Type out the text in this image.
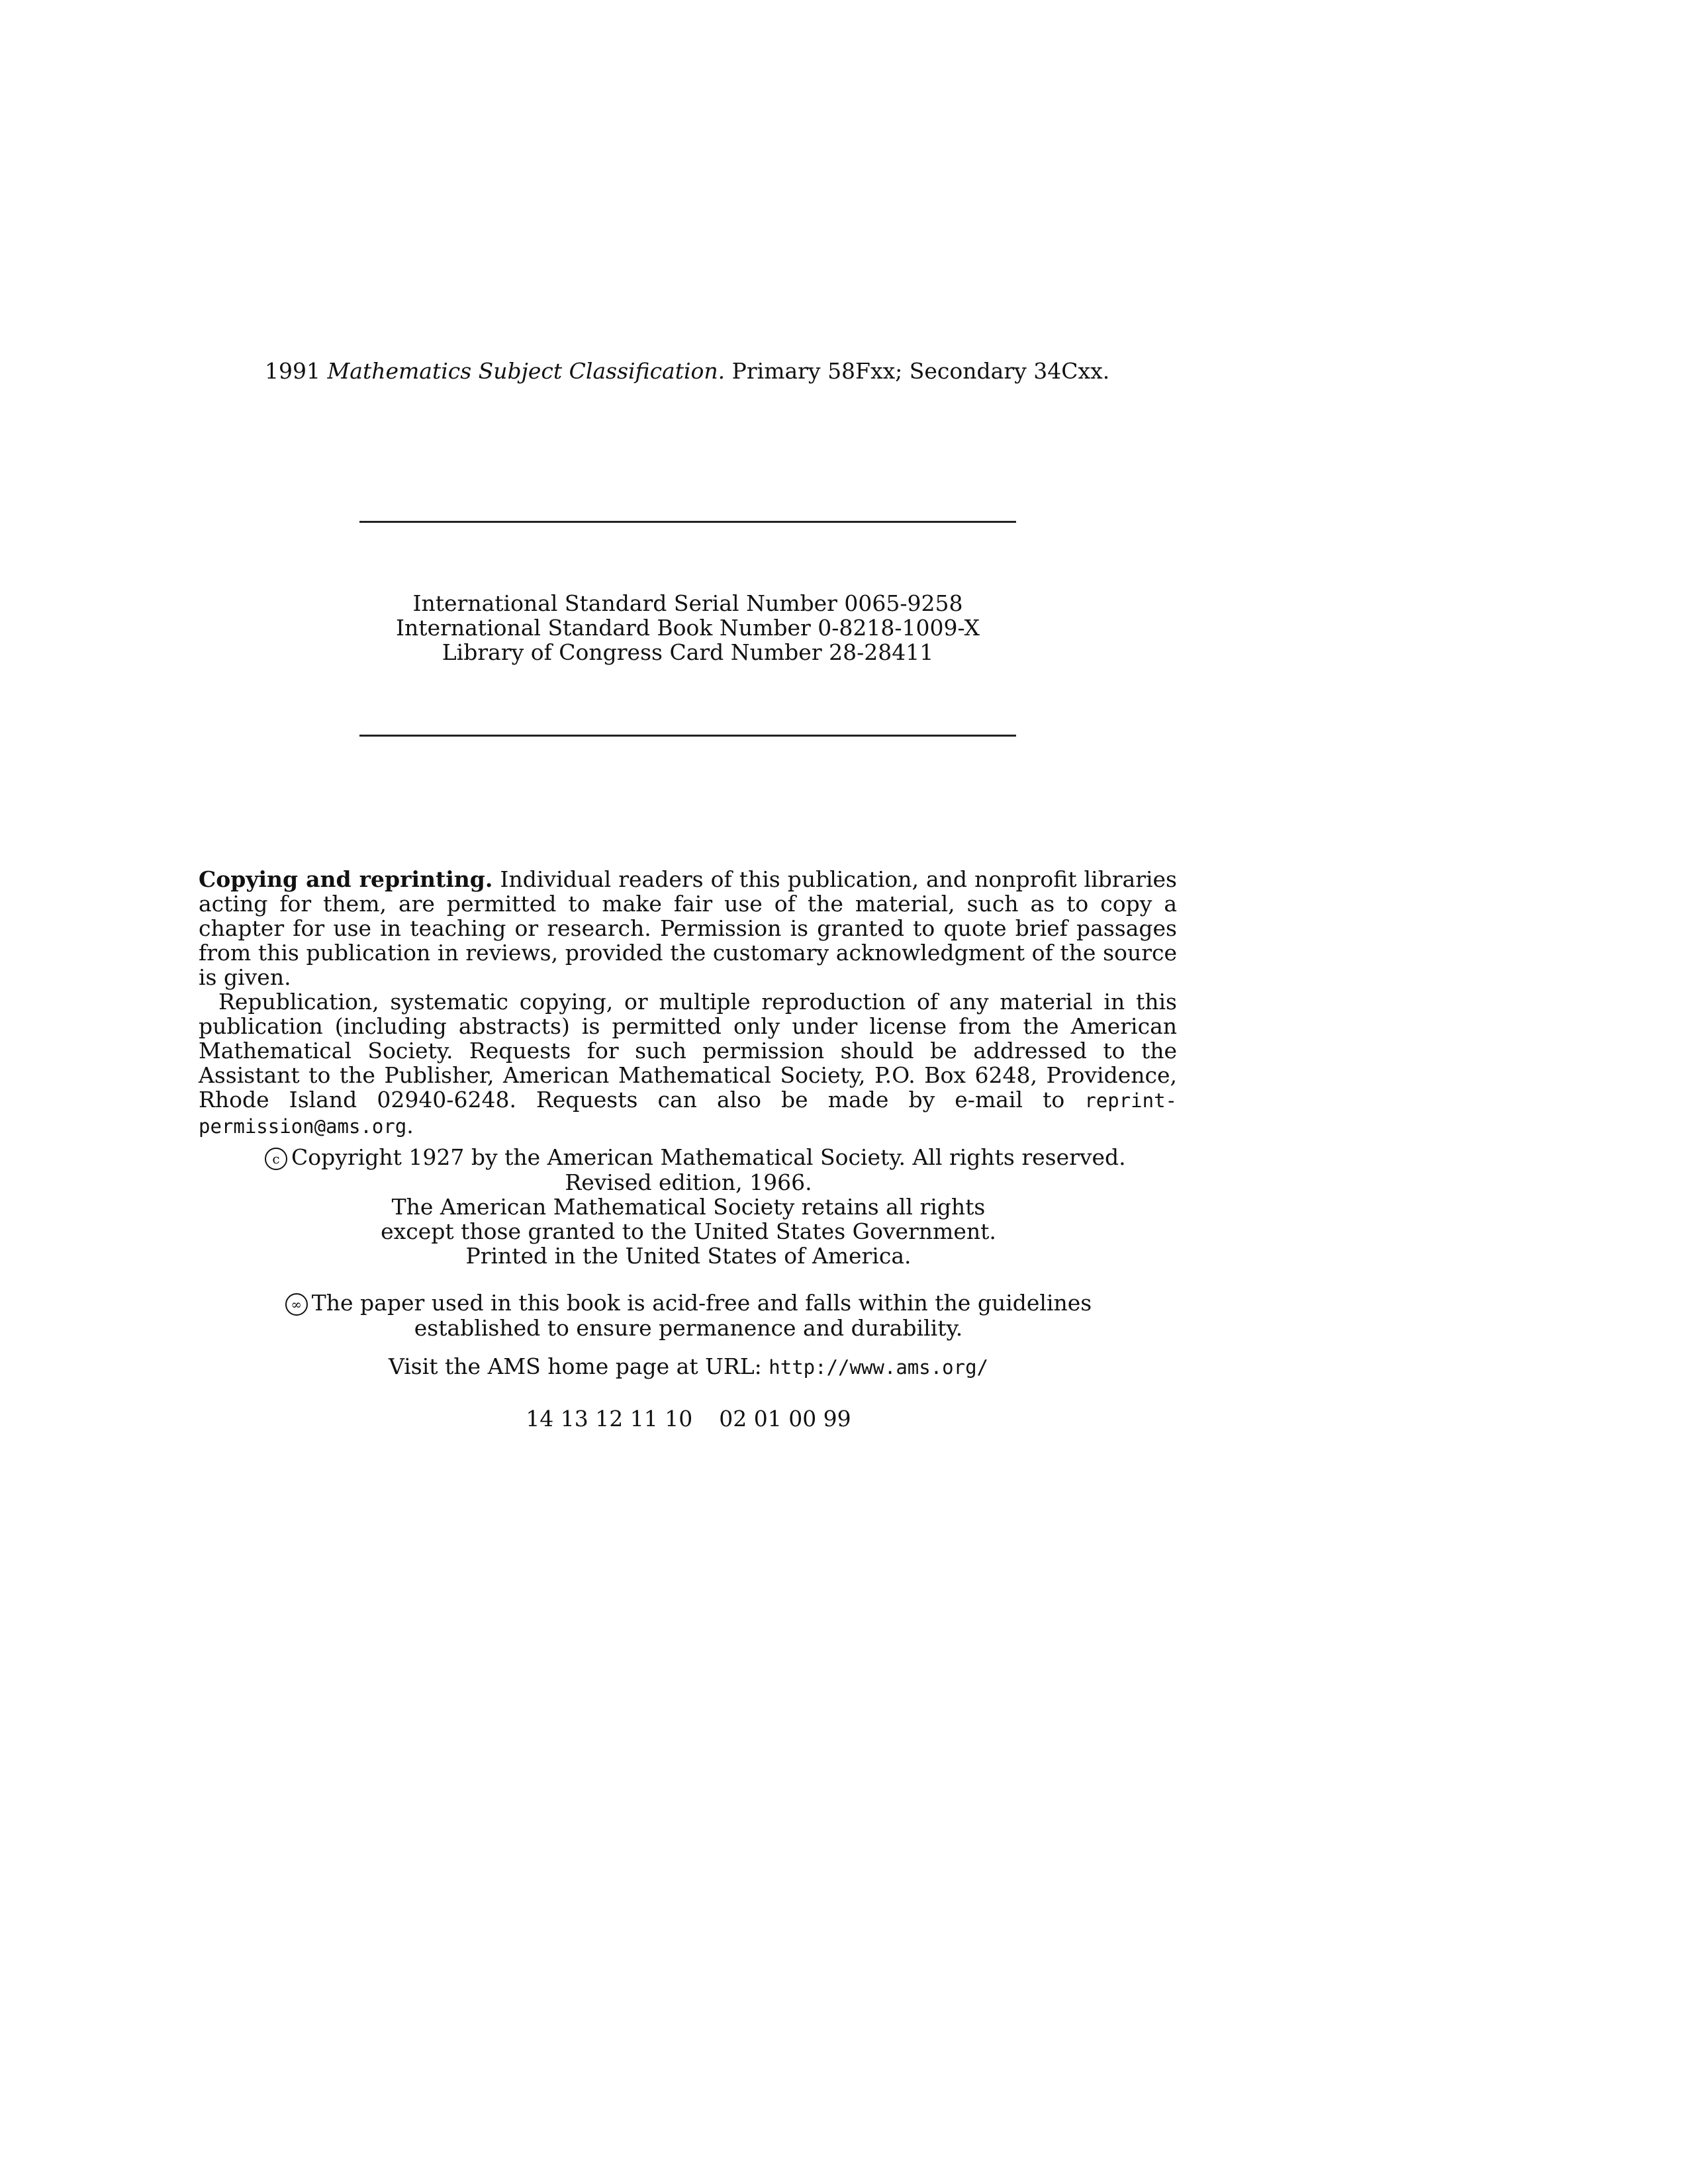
1991 Mathematics Subject Classification. Primary 58Fxx; Secondary 34Cxx.
International Standard Serial Number 0065-9258
International Standard Book Number 0-8218-1009-X
Library of Congress Card Number 28-28411

Copying and reprinting. Individual readers of this publication, and nonprofit libraries acting for them, are permitted to make fair use of the material, such as to copy a chapter for use in teaching or research. Permission is granted to quote brief passages from this publication in reviews, provided the customary acknowledgment of the source is given.

Republication, systematic copying, or multiple reproduction of any material in this publication (including abstracts) is permitted only under license from the American Mathematical Society. Requests for such permission should be addressed to the Assistant to the Publisher, American Mathematical Society, P.O. Box 6248, Providence, Rhode Island 02940-6248. Requests can also be made by e-mail to reprint-permission@ams.org.

c Copyright 1927 by the American Mathematical Society. All rights reserved.
Revised edition, 1966.
The American Mathematical Society retains all rights
except those granted to the United States Government.
Printed in the United States of America.
∞ The paper used in this book is acid-free and falls within the guidelines
established to ensure permanence and durability.
Visit the AMS home page at URL: http://www.ams.org/
14 13 12 11 10 02 01 00 99
